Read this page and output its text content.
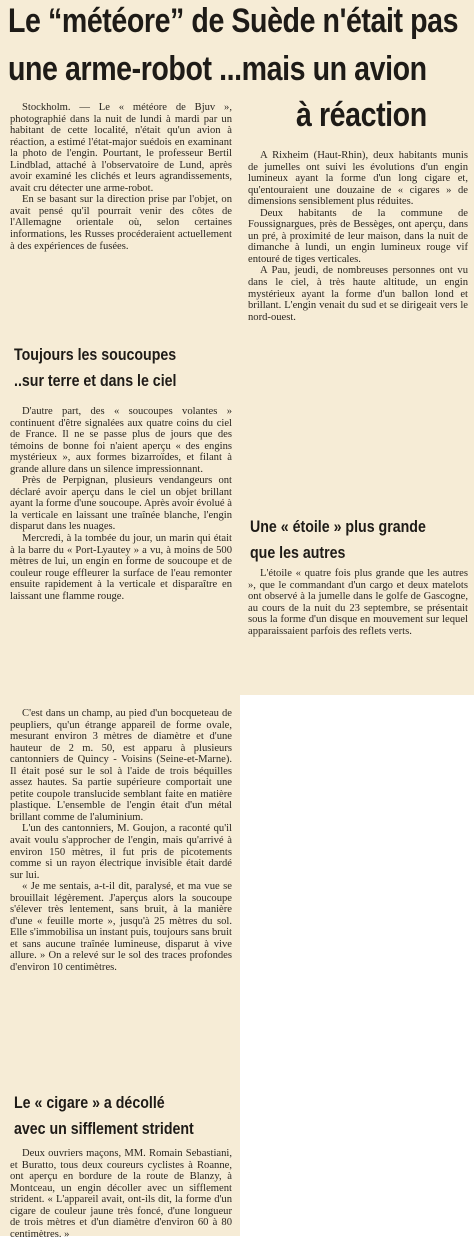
Le “météore” de Suède n'était pas
une arme-robot ...mais un avion
à réaction

Stockholm. — Le « météore de Bjuv », photographié dans la nuit de lundi à mardi par un habitant de cette localité, n'était qu'un avion à réaction, a estimé l'état-major suédois en examinant la photo de l'engin. Pourtant, le professeur Bertil Lindblad, attaché à l'observatoire de Lund, après avoir examiné les clichés et leurs agrandissements, avait cru détecter une arme-robot.

En se basant sur la direction prise par l'objet, on avait pensé qu'il pourrait venir des côtes de l'Allemagne orientale où, selon certaines informations, les Russes procéderaient actuellement à des expériences de fusées.

Toujours les soucoupes
..sur terre et dans le ciel

D'autre part, des « soucoupes volantes » continuent d'être signalées aux quatre coins du ciel de France. Il ne se passe plus de jours que des témoins de bonne foi n'aient aperçu « des engins mystérieux », aux formes bizarroïdes, et filant à grande allure dans un silence impressionnant.

Près de Perpignan, plusieurs vendangeurs ont déclaré avoir aperçu dans le ciel un objet brillant ayant la forme d'une soucoupe. Après avoir évolué à la verticale en laissant une traînée blanche, l'engin disparut dans les nuages.

Mercredi, à la tombée du jour, un marin qui était à la barre du « Port-Lyautey » a vu, à moins de 500 mètres de lui, un engin en forme de soucoupe et de couleur rouge effleurer la surface de l'eau remonter ensuite rapidement à la verticale et disparaître en laissant une flamme rouge.

C'est dans un champ, au pied d'un bocqueteau de peupliers, qu'un étrange appareil de forme ovale, mesurant environ 3 mètres de diamètre et d'une hauteur de 2 m. 50, est apparu à plusieurs cantonniers de Quincy - Voisins (Seine-et-Marne). Il était posé sur le sol à l'aide de trois béquilles assez hautes. Sa partie supérieure comportait une petite coupole translucide semblant faite en matière plastique. L'ensemble de l'engin était d'un métal brillant comme de l'aluminium.

L'un des cantonniers, M. Goujon, a raconté qu'il avait voulu s'approcher de l'engin, mais qu'arrivé à environ 150 mètres, il fut pris de picotements comme si un rayon électrique invisible était dardé sur lui.

« Je me sentais, a-t-il dit, paralysé, et ma vue se brouillait légèrement. J'aperçus alors la soucoupe s'élever très lentement, sans bruit, à la manière d'une « feuille morte », jusqu'à 25 mètres du sol. Elle s'immobilisa un instant puis, toujours sans bruit et sans aucune traînée lumineuse, disparut à vive allure. » On a relevé sur le sol des traces profondes d'environ 10 centimètres.

Le « cigare » a décollé
avec un sifflement strident

Deux ouvriers maçons, MM. Romain Sebastiani, et Buratto, tous deux coureurs cyclistes à Roanne, ont aperçu en bordure de la route de Blanzy, à Montceau, un engin décoller avec un sifflement strident. « L'appareil avait, ont-ils dit, la forme d'un cigare de couleur jaune très foncé, d'une longueur de trois mètres et d'un diamètre d'environ 60 à 80 centimètres. »

A Rixheim (Haut-Rhin), deux habitants munis de jumelles ont suivi les évolutions d'un engin lumineux ayant la forme d'un long cigare et, qu'entouraient une douzaine de « cigares » de dimensions sensiblement plus réduites.

Deux habitants de la commune de Foussignargues, près de Bessèges, ont aperçu, dans un pré, à proximité de leur maison, dans la nuit de dimanche à lundi, un engin lumineux rouge vif entouré de tiges verticales.

A Pau, jeudi, de nombreuses personnes ont vu dans le ciel, à très haute altitude, un engin mystérieux ayant la forme d'un ballon lond et brillant. L'engin venait du sud et se dirigeait vers le nord-ouest.

Une « étoile » plus grande
que les autres

L'étoile « quatre fois plus grande que les autres », que le commandant d'un cargo et deux matelots ont observé à la jumelle dans le golfe de Gascogne, au cours de la nuit du 23 septembre, se présentait sous la forme d'un disque en mouvement sur lequel apparaissaient parfois des reflets verts.
